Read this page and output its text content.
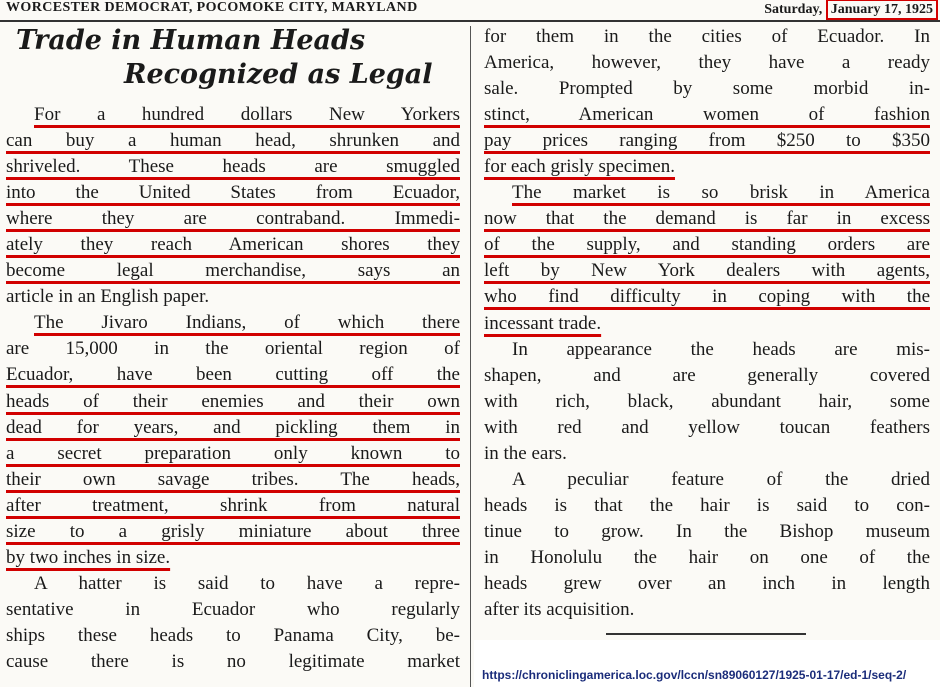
WORCESTER DEMOCRAT, POCOMOKE CITY, MARYLAND	Saturday, January 17, 1925
Trade in Human Heads
Recognized as Legal
For a hundred dollars New Yorkers
can buy a human head, shrunken and
shriveled. These heads are smuggled
into the United States from Ecuador,
where they are contraband. Immedi-
ately they reach American shores they
become legal merchandise, says an
article in an English paper.
The Jivaro Indians, of which there
are 15,000 in the oriental region of
Ecuador, have been cutting off the
heads of their enemies and their own
dead for years, and pickling them in
a secret preparation only known to
their own savage tribes. The heads,
after treatment, shrink from natural
size to a grisly miniature about three
by two inches in size.
A hatter is said to have a repre-
sentative in Ecuador who regularly
ships these heads to Panama City, be-
cause there is no legitimate market
for them in the cities of Ecuador. In
America, however, they have a ready
sale. Prompted by some morbid in-
stinct, American women of fashion
pay prices ranging from $250 to $350
for each grisly specimen.
The market is so brisk in America
now that the demand is far in excess
of the supply, and standing orders are
left by New York dealers with agents,
who find difficulty in coping with the
incessant trade.
In appearance the heads are mis-
shapen, and are generally covered
with rich, black, abundant hair, some
with red and yellow toucan feathers
in the ears.
A peculiar feature of the dried
heads is that the hair is said to con-
tinue to grow. In the Bishop museum
in Honolulu the hair on one of the
heads grew over an inch in length
after its acquisition.
https://chroniclingamerica.loc.gov/lccn/sn89060127/1925-01-17/ed-1/seq-2/
